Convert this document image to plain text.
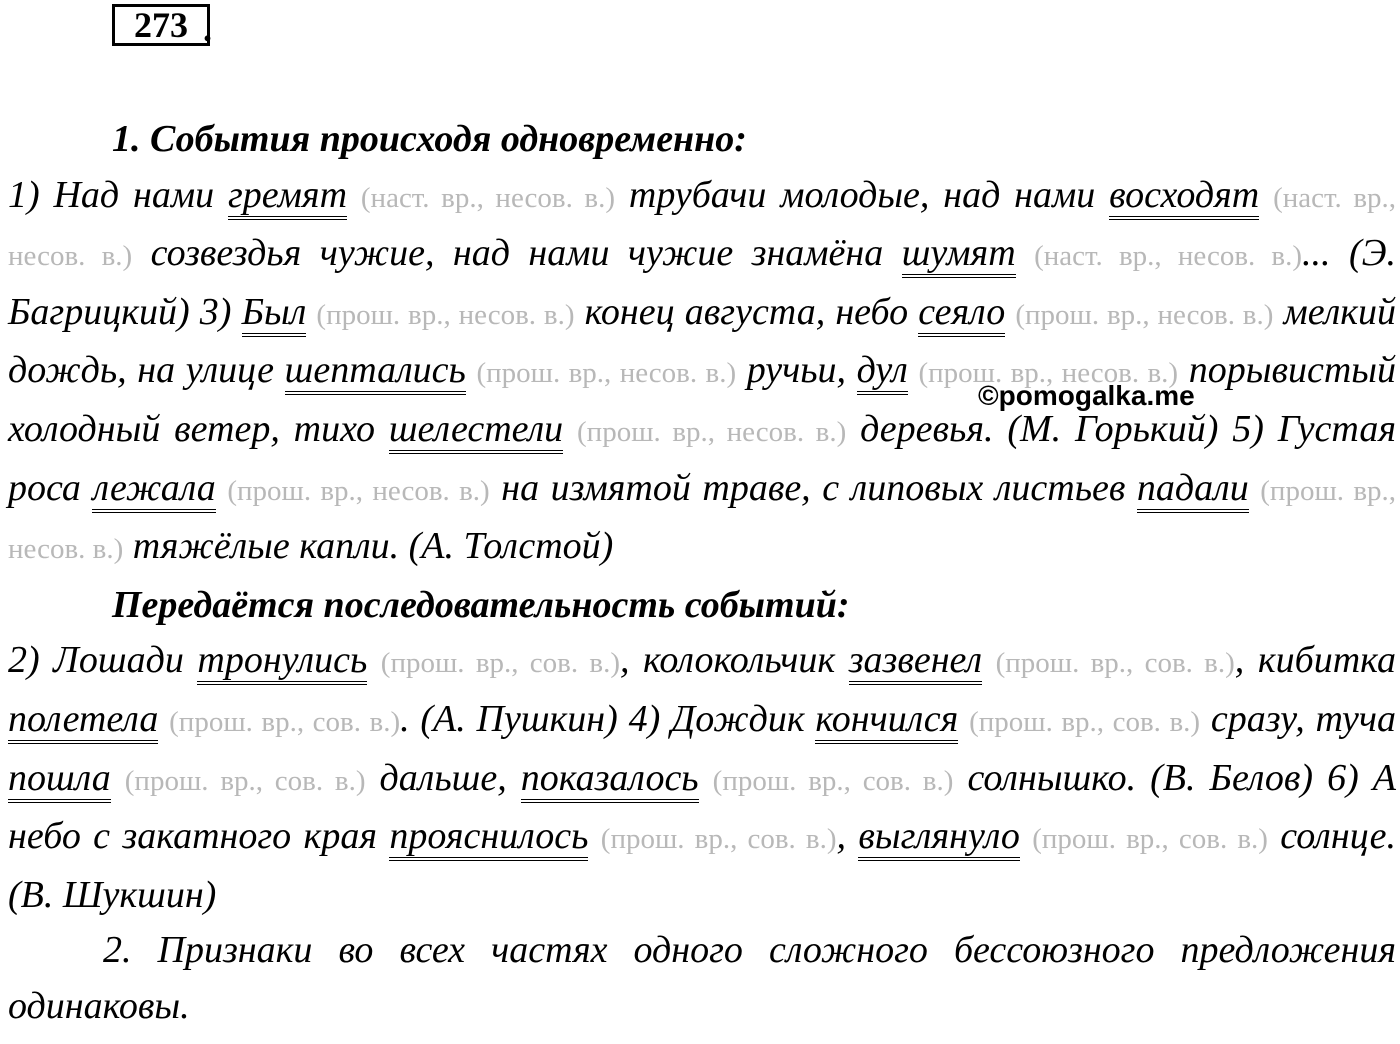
273 .

1. События происходя одновременно:

1) Над нами гремят (наст. вр., несов. в.) трубачи молодые, над нами восходят (наст. вр., несов. в.) созвездья чужие, над нами чужие знамёна шумят (наст. вр., несов. в.)... (Э. Багрицкий) 3) Был (прош. вр., несов. в.) конец августа, небо сеяло (прош. вр., несов. в.) мелкий дождь, на улице шептались (прош. вр., несов. в.) ручьи, дул (прош. вр., несов. в.) порывистый холодный ветер, тихо шелестели (прош. вр., несов. в.) деревья. (М. Горький) 5) Густая роса лежала (прош. вр., несов. в.) на измятой траве, с липовых листьев падали (прош. вр., несов. в.) тяжёлые капли. (А. Толстой)

Передаётся последовательность событий:

2) Лошади тронулись (прош. вр., сов. в.), колокольчик зазвенел (прош. вр., сов. в.), кибитка полетела (прош. вр., сов. в.). (А. Пушкин) 4) Дождик кончился (прош. вр., сов. в.) сразу, туча пошла (прош. вр., сов. в.) дальше, показалось (прош. вр., сов. в.) солнышко. (В. Белов) 6) А небо с закатного края прояснилось (прош. вр., сов. в.), выглянуло (прош. вр., сов. в.) солнце. (В. Шукшин)

2. Признаки во всех частях одного сложного бессоюзного предложения одинаковы.

©pomogalka.me
